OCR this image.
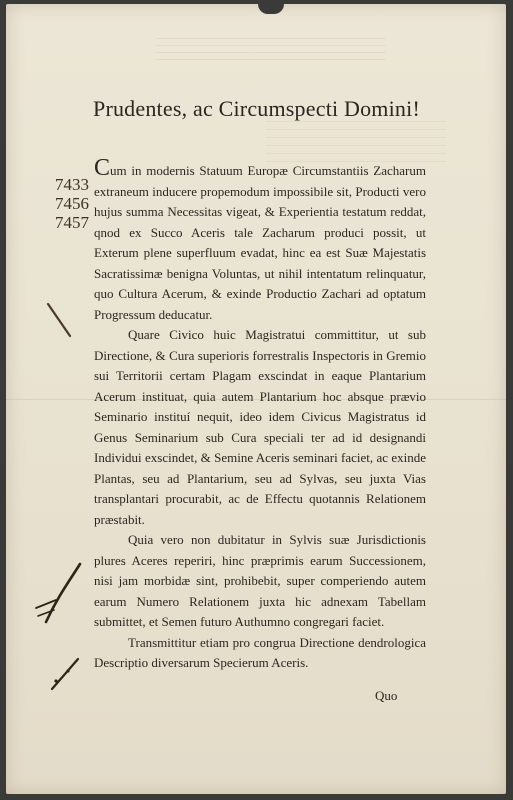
Prudentes, ac Circumspecti Domini!
7433
7456
7457

Cum in modernis Statuum Europæ Circumstantiis Zacharum extraneum inducere propemodum impossibile sit, Producti vero hujus summa Necessitas vigeat, & Experientia testatum reddat, qnod ex Succo Aceris tale Zacharum produci possit, ut Exterum plene superfluum evadat, hinc ea est Suæ Majestatis Sacratissimæ benigna Voluntas, ut nihil intentatum relinquatur, quo Cultura Acerum, & exinde Productio Zachari ad optatum Progressum deducatur.

Quare Civico huic Magistratui committitur, ut sub Directione, & Cura superioris forrestralis Inspectoris in Gremio sui Territorii certam Plagam exscindat in eaque Plantarium Acerum instituat, quia autem Plantarium hoc absque prævio Seminario instituí nequit, ideo idem Civicus Magistratus id Genus Seminarium sub Cura speciali ter ad id designandi Individui exscindet, & Semine Aceris seminari faciet, ac exinde Plantas, seu ad Plantarium, seu ad Sylvas, seu juxta Vias transplantari procurabit, ac de Effectu quotannis Relationem præstabit.

Quia vero non dubitatur in Sylvis suæ Jurisdictionis plures Aceres reperiri, hinc præprimis earum Successionem, nisi jam morbidæ sint, prohibebit, super comperiendo autem earum Numero Relationem juxta hic adnexam Tabellam submittet, et Semen futuro Authumno congregari faciet.

Transmittitur etiam pro congrua Directione dendrologica Descriptio diversarum Specierum Aceris.

Quo
